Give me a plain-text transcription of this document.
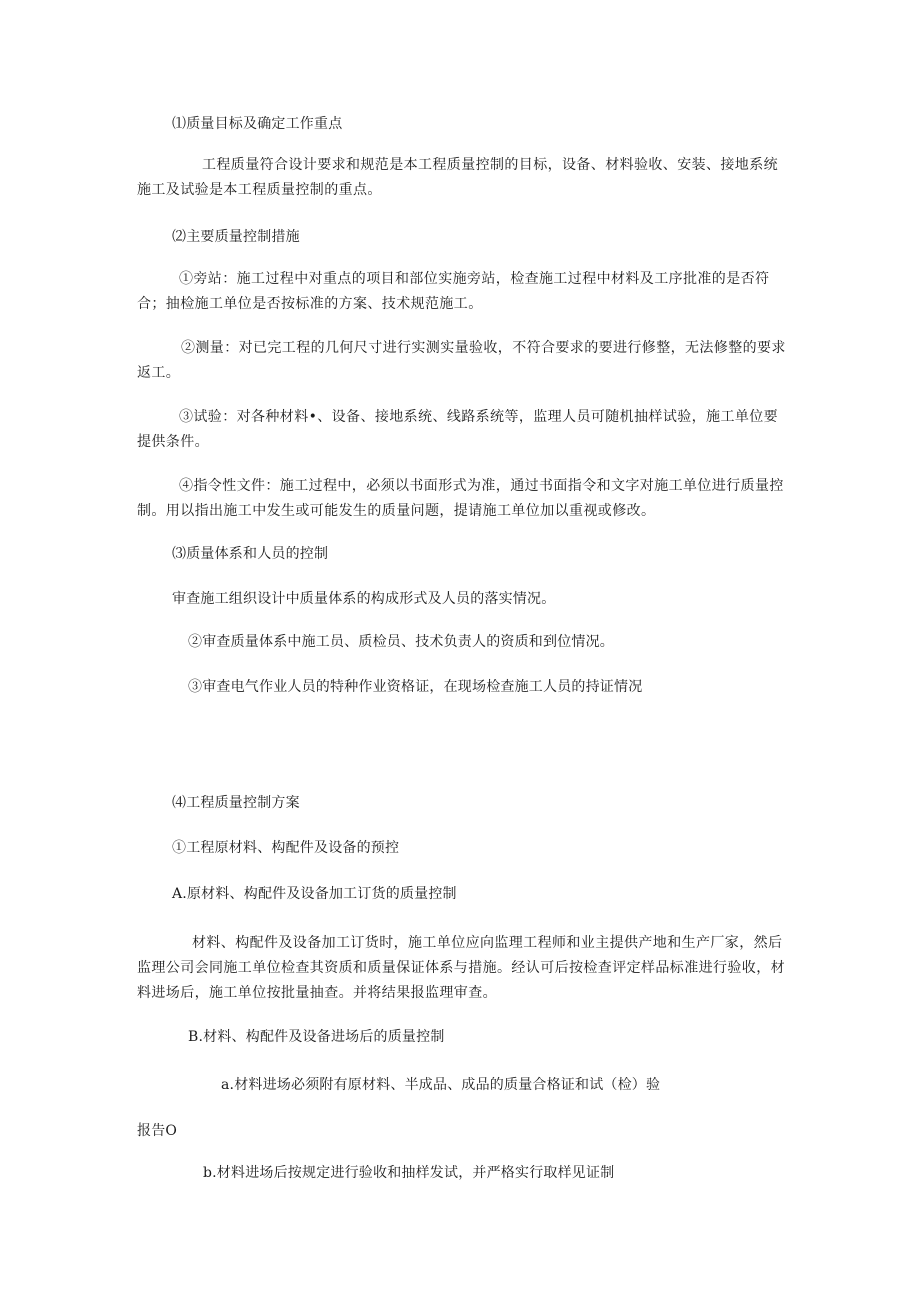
⑴质量目标及确定工作重点
工程质量符合设计要求和规范是本工程质量控制的目标，设备、材料验收、安装、接地系统施工及试验是本工程质量控制的重点。
⑵主要质量控制措施
①旁站：施工过程中对重点的项目和部位实施旁站，检查施工过程中材料及工序批准的是否符合；抽检施工单位是否按标准的方案、技术规范施工。
②测量：对已完工程的几何尺寸进行实测实量验收，不符合要求的要进行修整，无法修整的要求返工。
③试验：对各种材料•、设备、接地系统、线路系统等，监理人员可随机抽样试验，施工单位要提供条件。
④指令性文件：施工过程中，必须以书面形式为准，通过书面指令和文字对施工单位进行质量控制。用以指出施工中发生或可能发生的质量问题，提请施工单位加以重视或修改。
⑶质量体系和人员的控制
审查施工组织设计中质量体系的构成形式及人员的落实情况。
②审查质量体系中施工员、质检员、技术负责人的资质和到位情况。
③审查电气作业人员的特种作业资格证，在现场检查施工人员的持证情况
⑷工程质量控制方案
①工程原材料、构配件及设备的预控
A.原材料、构配件及设备加工订货的质量控制
材料、构配件及设备加工订货时，施工单位应向监理工程师和业主提供产地和生产厂家，然后监理公司会同施工单位检查其资质和质量保证体系与措施。经认可后按检查评定样品标准进行验收，材料进场后，施工单位按批量抽查。并将结果报监理审查。
B.材料、构配件及设备进场后的质量控制
a.材料进场必须附有原材料、半成品、成品的质量合格证和试（检）验
报告O
b.材料进场后按规定进行验收和抽样发试，并严格实行取样见证制
